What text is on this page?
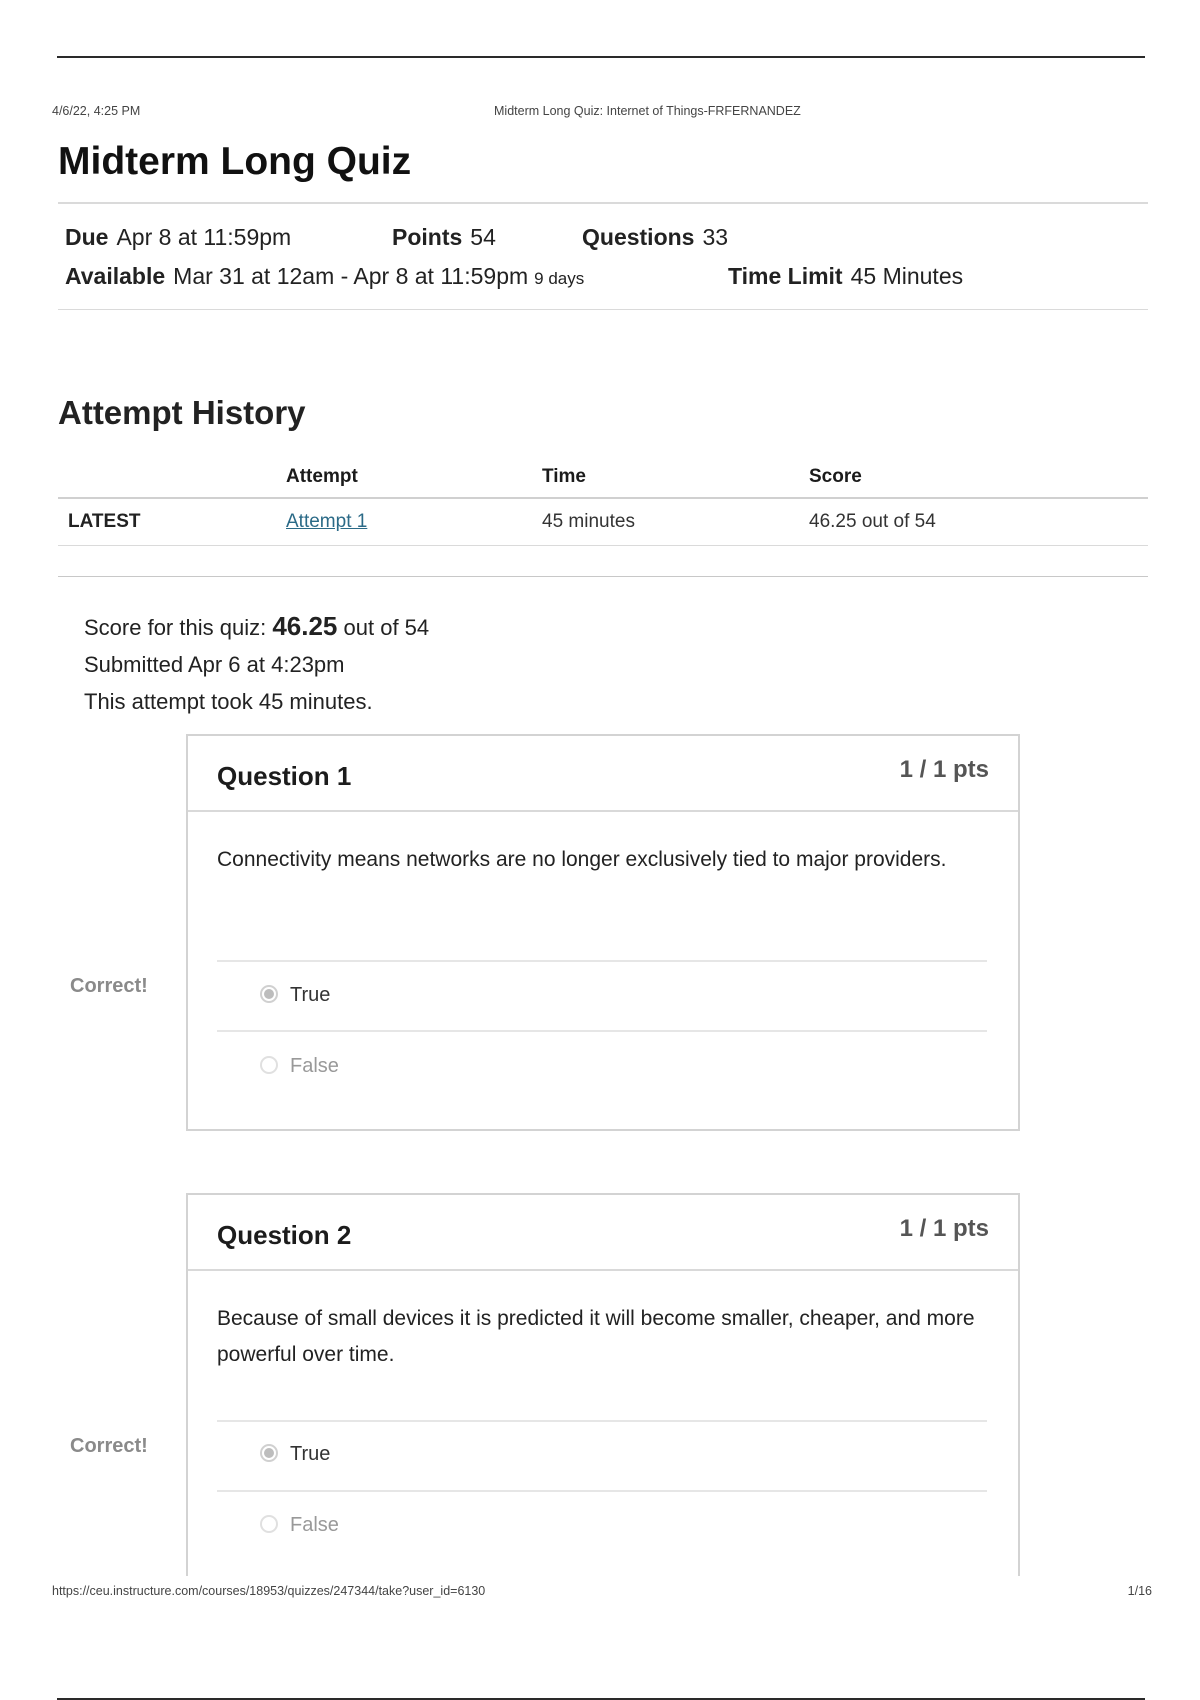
4/6/22, 4:25 PM	Midterm Long Quiz: Internet of Things-FRFERNANDEZ
Midterm Long Quiz
Due Apr 8 at 11:59pm	Points 54	Questions 33
Available Mar 31 at 12am - Apr 8 at 11:59pm 9 days	Time Limit 45 Minutes
Attempt History
	Attempt	Time	Score
LATEST	Attempt 1	45 minutes	46.25 out of 54
Score for this quiz: 46.25 out of 54
Submitted Apr 6 at 4:23pm
This attempt took 45 minutes.
Correct!
Question 1	1 / 1 pts
Connectivity means networks are no longer exclusively tied to major providers.
True
False
Correct!
Question 2	1 / 1 pts
Because of small devices it is predicted it will become smaller, cheaper, and more powerful over time.
True
False
https://ceu.instructure.com/courses/18953/quizzes/247344/take?user_id=6130	1/16
